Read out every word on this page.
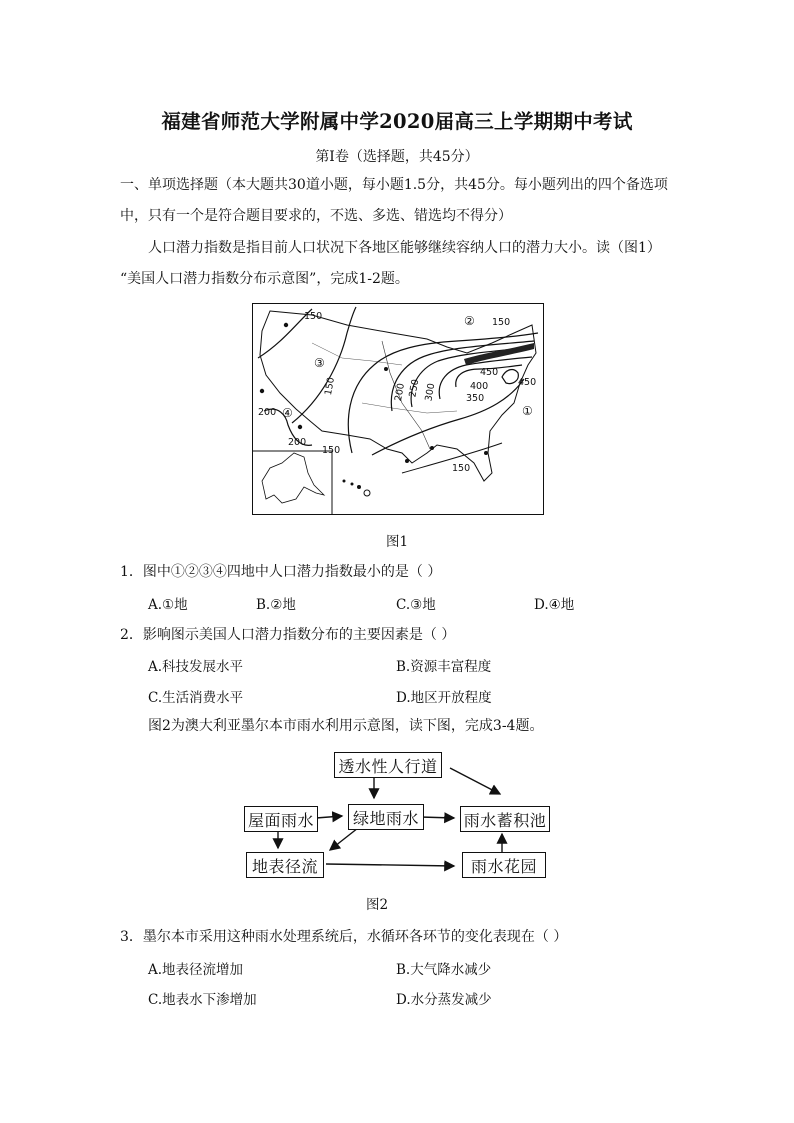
福建省师范大学附属中学2020届高三上学期期中考试
第Ⅰ卷（选择题，共45分）
一、单项选择题（本大题共30道小题，每小题1.5分，共45分。每小题列出的四个备选项
中，只有一个是符合题目要求的，不选、多选、错选均不得分）
人口潜力指数是指目前人口状况下各地区能够继续容纳人口的潜力大小。读（图1）
“美国人口潜力指数分布示意图”，完成1-2题。
150
150
150
150
200
200
200 250 300	350
400
450
450
150
①
②
③
④
图1
1．图中①②③④四地中人口潜力指数最小的是（ ）
A.①地	B.②地	C.③地	D.④地
2．影响图示美国人口潜力指数分布的主要因素是（ ）
A.科技发展水平	B.资源丰富程度
C.生活消费水平	D.地区开放程度
图2为澳大利亚墨尔本市雨水利用示意图，读下图，完成3-4题。
透水性人行道
屋面雨水	绿地雨水	雨水蓄积池
地表径流	雨水花园
图2
3．墨尔本市采用这种雨水处理系统后，水循环各环节的变化表现在（ ）
A.地表径流增加	B.大气降水减少
C.地表水下渗增加	D.水分蒸发减少
